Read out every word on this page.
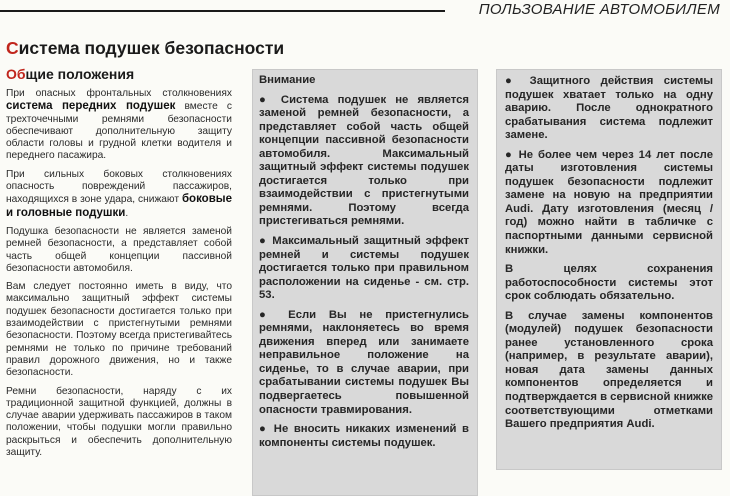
ПОЛЬЗОВАНИЕ АВТОМОБИЛЕМ
Система подушек безопасности
Общие положения

При опасных фронтальных столкновениях система передних подушек вместе с трехточечными ремнями безопасности обеспечивают дополнительную защиту области головы и грудной клетки водителя и переднего пасажира.

При сильных боковых столкновениях опасность повреждений пассажиров, находящихся в зоне удара, снижают боковые и головные подушки.

Подушка безопасности не является заменой ремней безопасности, а представляет собой часть общей концепции пассивной безопасности автомобиля.

Вам следует постоянно иметь в виду, что максимально защитный эффект системы подушек безопасности достигается только при взаимодействии с пристегнутыми ремнями безопасности. Поэтому всегда пристегивайтесь ремнями не только по причине требований правил дорожного движения, но и также безопасности.

Ремни безопасности, наряду с их традиционной защитной функцией, должны в случае аварии удерживать пассажиров в таком положении, чтобы подушки могли правильно раскрыться и обеспечить дополнительную защиту.

Внимание

● Система подушек не является заменой ремней безопасности, а представляет собой часть общей концепции пассивной безопасности автомобиля. Максимальный защитный эффект системы подушек достигается только при взаимодействии с пристегнутыми ремнями. Поэтому всегда пристегиваться ремнями.

● Максимальный защитный эффект ремней и системы подушек достигается только при правильном расположении на сиденье - см. стр. 53.

● Если Вы не пристегнулись ремнями, наклоняетесь во время движения вперед или занимаете неправильное положение на сиденье, то в случае аварии, при срабатывании системы подушек Вы подвергаетесь повышенной опасности травмирования.

● Не вносить никаких изменений в компоненты системы подушек.

● Защитного действия системы подушек хватает только на одну аварию. После однократного срабатывания система подлежит замене.

● Не более чем через 14 лет после даты изготовления системы подушек безопасности подлежит замене на новую на предприятии Audi. Дату изготовления (месяц / год) можно найти в табличке с паспортными данными сервисной книжки.

В целях сохранения работоспособности системы этот срок соблюдать обязательно.

В случае замены компонентов (модулей) подушек безопасности ранее установленного срока (например, в результате аварии), новая дата замены данных компонентов определяется и подтверждается в сервисной книжке соответствующими отметками Вашего предприятия Audi.
